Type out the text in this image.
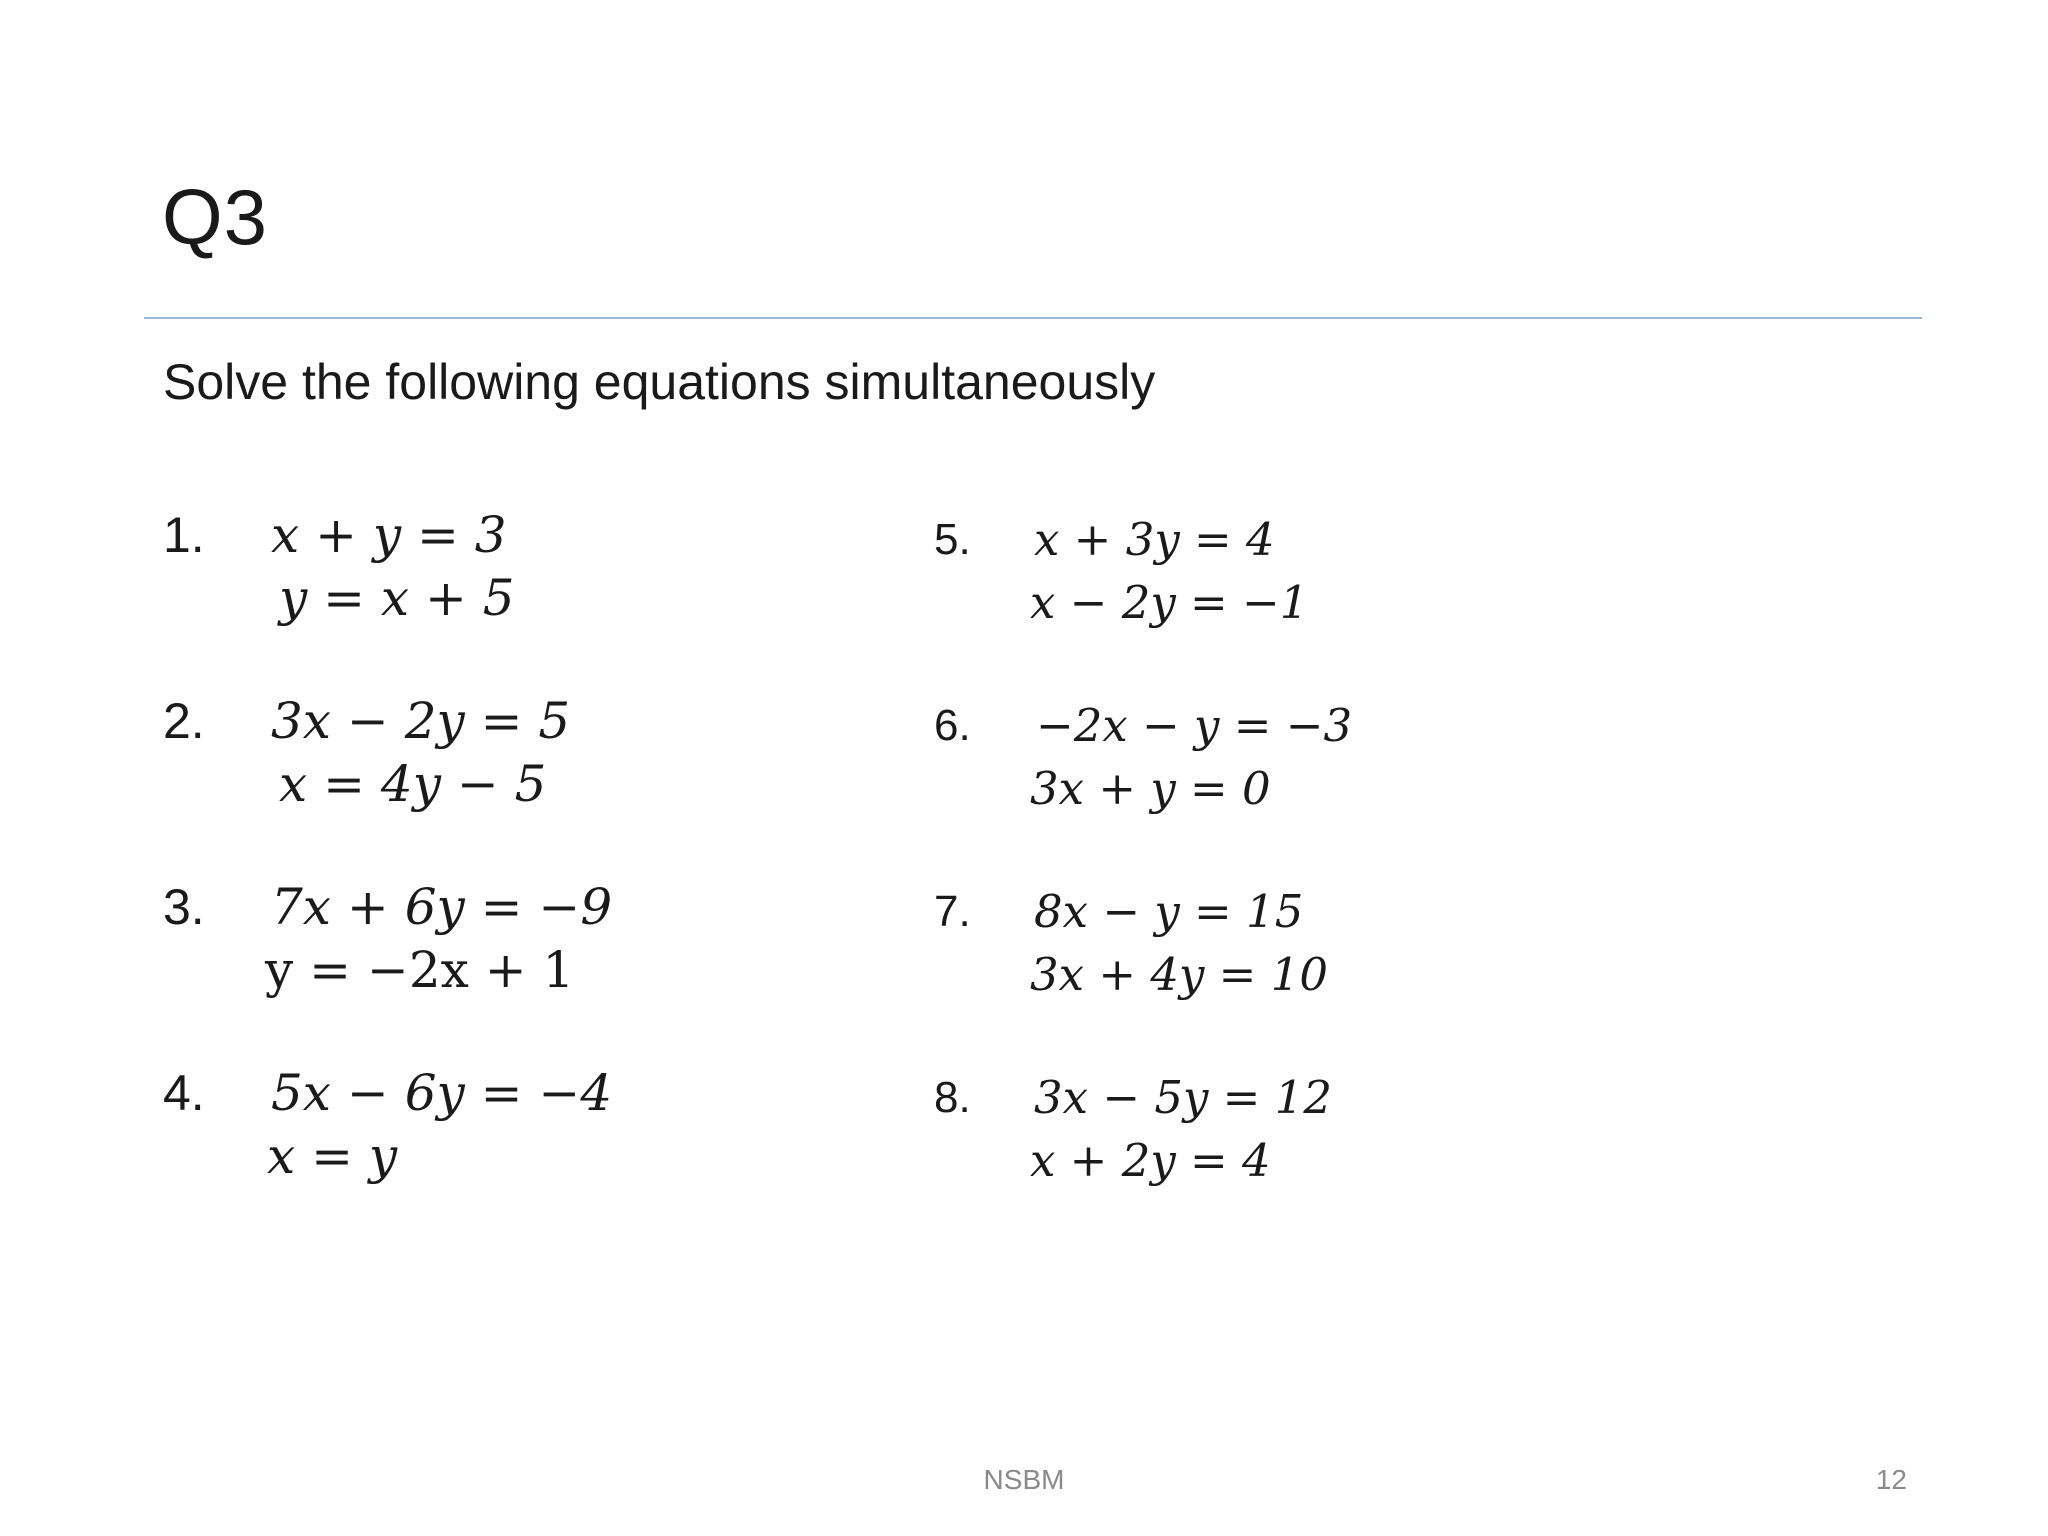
Q3
Solve the following equations simultaneously
1. x + y = 3
y = x + 5
2. 3x − 2y = 5
x = 4y − 5
3. 7x + 6y = −9
y = −2x + 1
4. 5x − 6y = −4
x = y
5. x + 3y = 4
x − 2y = −1
6. −2x − y = −3
3x + y = 0
7. 8x − y = 15
3x + 4y = 10
8. 3x − 5y = 12
x + 2y = 4
NSBM	12
